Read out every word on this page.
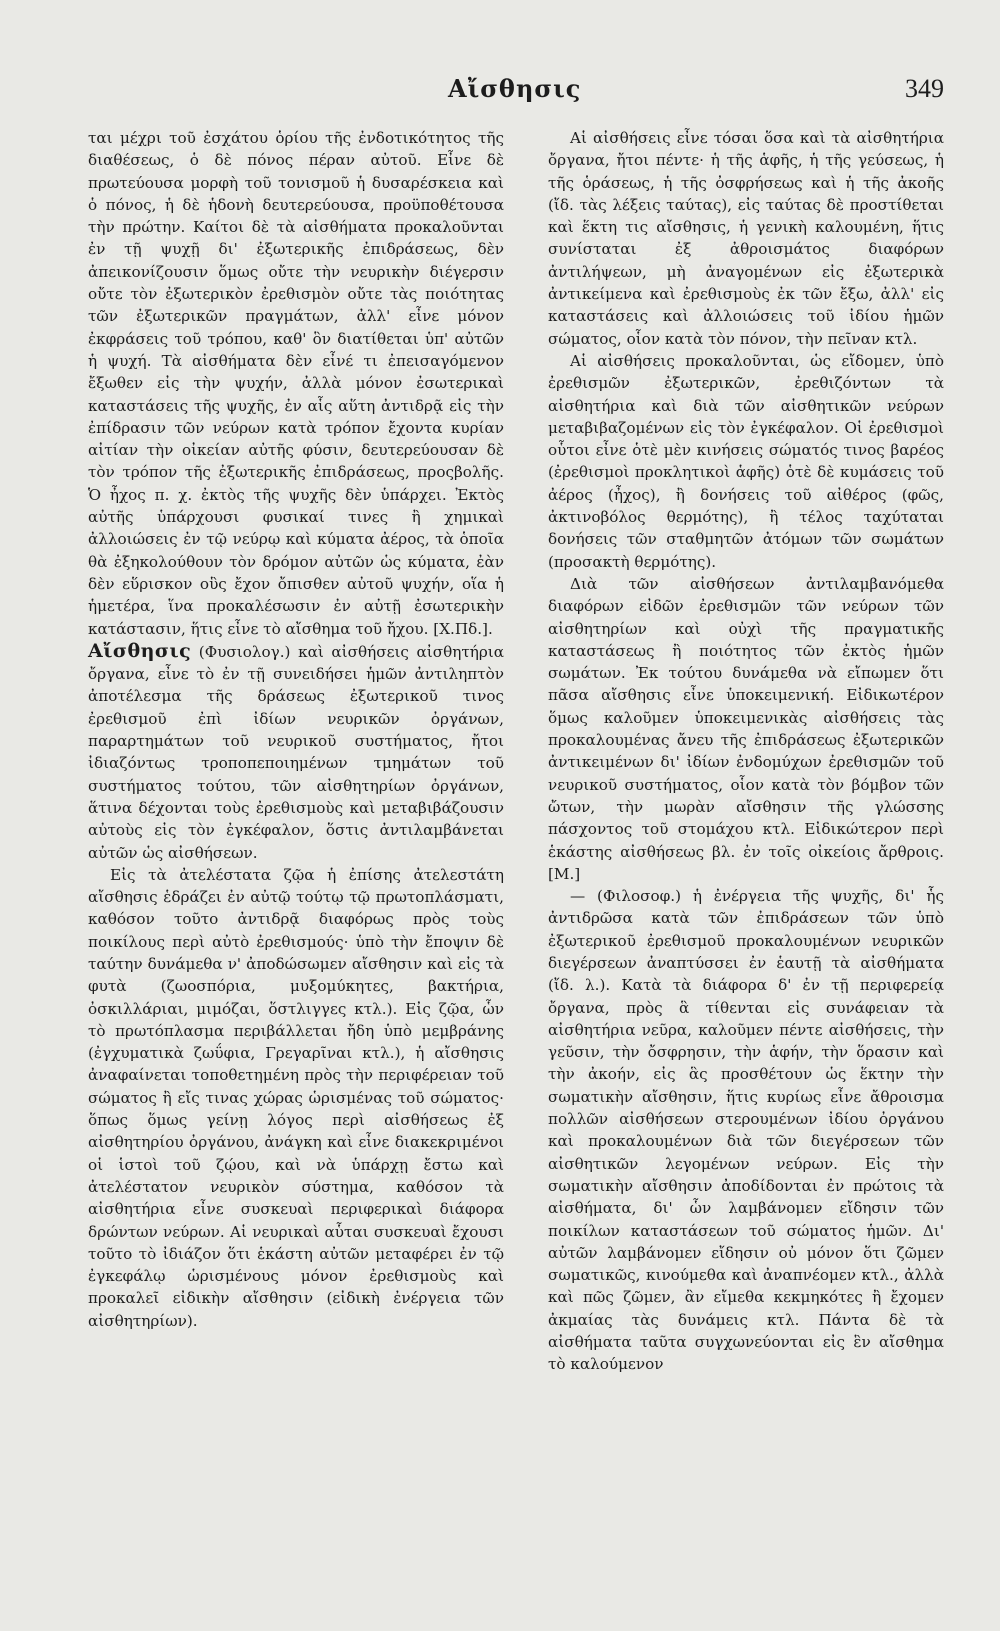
Αἴσθησις	349

ται μέχρι τοῦ ἐσχάτου ὁρίου τῆς ἐνδοτικότητος τῆς διαθέσεως, ὁ δὲ πόνος πέραν αὐτοῦ. Εἶνε δὲ πρωτεύουσα μορφὴ τοῦ τονισμοῦ ἡ δυσαρέσκεια καὶ ὁ πόνος, ἡ δὲ ἡδονὴ δευτερεύουσα, προϋποθέτουσα τὴν πρώτην. Καίτοι δὲ τὰ αἰσθήματα προκαλοῦνται ἐν τῇ ψυχῇ δι' ἐξωτερικῆς ἐπιδράσεως, δὲν ἀπεικονίζουσιν ὅμως οὔτε τὴν νευρικὴν διέγερσιν οὔτε τὸν ἐξωτερικὸν ἐρεθισμὸν οὔτε τὰς ποιότητας τῶν ἐξωτερικῶν πραγμάτων, ἀλλ' εἶνε μόνον ἐκφράσεις τοῦ τρόπου, καθ' ὃν διατίθεται ὑπ' αὐτῶν ἡ ψυχή. Τὰ αἰσθήματα δὲν εἶνέ τι ἐπεισαγόμενον ἔξωθεν εἰς τὴν ψυχήν, ἀλλὰ μόνον ἐσωτερικαὶ καταστάσεις τῆς ψυχῆς, ἐν αἷς αὕτη ἀντιδρᾷ εἰς τὴν ἐπίδρασιν τῶν νεύρων κατὰ τρόπον ἔχοντα κυρίαν αἰτίαν τὴν οἰκείαν αὐτῆς φύσιν, δευτερεύουσαν δὲ τὸν τρόπον τῆς ἐξωτερικῆς ἐπιδράσεως, προςβολῆς. Ὁ ἦχος π. χ. ἐκτὸς τῆς ψυχῆς δὲν ὑπάρχει. Ἐκτὸς αὐτῆς ὑπάρχουσι φυσικαί τινες ἢ χημικαὶ ἀλλοιώσεις ἐν τῷ νεύρῳ καὶ κύματα ἀέρος, τὰ ὁποῖα θὰ ἐξηκολούθουν τὸν δρόμον αὐτῶν ὡς κύματα, ἐὰν δὲν εὕρισκον οὓς ἔχον ὄπισθεν αὐτοῦ ψυχήν, οἵα ἡ ἡμετέρα, ἵνα προκαλέσωσιν ἐν αὐτῇ ἐσωτερικὴν κατάστασιν, ἥτις εἶνε τὸ αἴσθημα τοῦ ἤχου. [Χ.Πδ.].

Αἴσθησις (Φυσιολογ.) καὶ αἰσθήσεις αἰσθητήρια ὄργανα, εἶνε τὸ ἐν τῇ συνειδήσει ἡμῶν ἀντιληπτὸν ἀποτέλεσμα τῆς δράσεως ἐξωτερικοῦ τινος ἐρεθισμοῦ ἐπὶ ἰδίων νευρικῶν ὀργάνων, παραρτημάτων τοῦ νευρικοῦ συστήματος, ἤτοι ἰδιαζόντως τροποπεποιημένων τμημάτων τοῦ συστήματος τούτου, τῶν αἰσθητηρίων ὀργάνων, ἅτινα δέχονται τοὺς ἐρεθισμοὺς καὶ μεταβιβάζουσιν αὐτοὺς εἰς τὸν ἐγκέφαλον, ὅστις ἀντιλαμβάνεται αὐτῶν ὡς αἰσθήσεων.

Εἰς τὰ ἀτελέστατα ζῷα ἡ ἐπίσης ἀτελεστάτη αἴσθησις ἑδράζει ἐν αὐτῷ τούτῳ τῷ πρωτοπλάσματι, καθόσον τοῦτο ἀντιδρᾷ διαφόρως πρὸς τοὺς ποικίλους περὶ αὐτὸ ἐρεθισμούς· ὑπὸ τὴν ἔποψιν δὲ ταύτην δυνάμεθα ν' ἀποδώσωμεν αἴσθησιν καὶ εἰς τὰ φυτὰ (ζωοσπόρια, μυξομύκητες, βακτήρια, ὀσκιλλάριαι, μιμόζαι, ὅστλιγγες κτλ.). Εἰς ζῷα, ὧν τὸ πρωτόπλασμα περιβάλλεται ἤδη ὑπὸ μεμβράνης (ἐγχυματικὰ ζωΰφια, Γρεγαρῖναι κτλ.), ἡ αἴσθησις ἀναφαίνεται τοποθετημένη πρὸς τὴν περιφέρειαν τοῦ σώματος ἢ εἴς τινας χώρας ὡρισμένας τοῦ σώματος· ὅπως ὅμως γείνῃ λόγος περὶ αἰσθήσεως ἐξ αἰσθητηρίου ὀργάνου, ἀνάγκη καὶ εἶνε διακεκριμένοι οἱ ἱστοὶ τοῦ ζῴου, καὶ νὰ ὑπάρχῃ ἔστω καὶ ἀτελέστατον νευρικὸν σύστημα, καθόσον τὰ αἰσθητήρια εἶνε συσκευαὶ περιφερικαὶ διάφορα δρώντων νεύρων. Αἱ νευρικαὶ αὗται συσκευαὶ ἔχουσι τοῦτο τὸ ἰδιάζον ὅτι ἑκάστη αὐτῶν μεταφέρει ἐν τῷ ἐγκεφάλῳ ὡρισμένους μόνον ἐρεθισμοὺς καὶ προκαλεῖ εἰδικὴν αἴσθησιν (εἰδικὴ ἐνέργεια τῶν αἰσθητηρίων).

Αἱ αἰσθήσεις εἶνε τόσαι ὅσα καὶ τὰ αἰσθητήρια ὄργανα, ἤτοι πέντε· ἡ τῆς ἁφῆς, ἡ τῆς γεύσεως, ἡ τῆς ὁράσεως, ἡ τῆς ὀσφρήσεως καὶ ἡ τῆς ἀκοῆς (ἴδ. τὰς λέξεις ταύτας), εἰς ταύτας δὲ προστίθεται καὶ ἕκτη τις αἴσθησις, ἡ γενικὴ καλουμένη, ἥτις συνίσταται ἐξ ἀθροισμάτος διαφόρων ἀντιλήψεων, μὴ ἀναγομένων εἰς ἐξωτερικὰ ἀντικείμενα καὶ ἐρεθισμοὺς ἐκ τῶν ἔξω, ἀλλ' εἰς καταστάσεις καὶ ἀλλοιώσεις τοῦ ἰδίου ἡμῶν σώματος, οἷον κατὰ τὸν πόνον, τὴν πεῖναν κτλ.

Αἱ αἰσθήσεις προκαλοῦνται, ὡς εἴδομεν, ὑπὸ ἐρεθισμῶν ἐξωτερικῶν, ἐρεθιζόντων τὰ αἰσθητήρια καὶ διὰ τῶν αἰσθητικῶν νεύρων μεταβιβαζομένων εἰς τὸν ἐγκέφαλον. Οἱ ἐρεθισμοὶ οὗτοι εἶνε ὁτὲ μὲν κινήσεις σώματός τινος βαρέος (ἐρεθισμοὶ προκλητικοὶ ἁφῆς) ὁτὲ δὲ κυμάσεις τοῦ ἀέρος (ἦχος), ἢ δονήσεις τοῦ αἰθέρος (φῶς, ἀκτινοβόλος θερμότης), ἢ τέλος ταχύταται δονήσεις τῶν σταθμητῶν ἀτόμων τῶν σωμάτων (προσακτὴ θερμότης).

Διὰ τῶν αἰσθήσεων ἀντιλαμβανόμεθα διαφόρων εἰδῶν ἐρεθισμῶν τῶν νεύρων τῶν αἰσθητηρίων καὶ οὐχὶ τῆς πραγματικῆς καταστάσεως ἢ ποιότητος τῶν ἐκτὸς ἡμῶν σωμάτων. Ἐκ τούτου δυνάμεθα νὰ εἴπωμεν ὅτι πᾶσα αἴσθησις εἶνε ὑποκειμενική. Εἰδικωτέρον ὅμως καλοῦμεν ὑποκειμενικὰς αἰσθήσεις τὰς προκαλουμένας ἄνευ τῆς ἐπιδράσεως ἐξωτερικῶν ἀντικειμένων δι' ἰδίων ἐνδομύχων ἐρεθισμῶν τοῦ νευρικοῦ συστήματος, οἷον κατὰ τὸν βόμβον τῶν ὤτων, τὴν μωρὰν αἴσθησιν τῆς γλώσσης πάσχοντος τοῦ στομάχου κτλ. Εἰδικώτερον περὶ ἑκάστης αἰσθήσεως βλ. ἐν τοῖς οἰκείοις ἄρθροις. [Μ.]

— (Φιλοσοφ.) ἡ ἐνέργεια τῆς ψυχῆς, δι' ἧς ἀντιδρῶσα κατὰ τῶν ἐπιδράσεων τῶν ὑπὸ ἐξωτερικοῦ ἐρεθισμοῦ προκαλουμένων νευρικῶν διεγέρσεων ἀναπτύσσει ἐν ἑαυτῇ τὰ αἰσθήματα (ἴδ. λ.). Κατὰ τὰ διάφορα δ' ἐν τῇ περιφερείᾳ ὄργανα, πρὸς ἃ τίθενται εἰς συνάφειαν τὰ αἰσθητήρια νεῦρα, καλοῦμεν πέντε αἰσθήσεις, τὴν γεῦσιν, τὴν ὄσφρησιν, τὴν ἁφήν, τὴν ὅρασιν καὶ τὴν ἀκοήν, εἰς ἃς προσθέτουν ὡς ἕκτην τὴν σωματικὴν αἴσθησιν, ἥτις κυρίως εἶνε ἄθροισμα πολλῶν αἰσθήσεων στερουμένων ἰδίου ὀργάνου καὶ προκαλουμένων διὰ τῶν διεγέρσεων τῶν αἰσθητικῶν λεγομένων νεύρων. Εἰς τὴν σωματικὴν αἴσθησιν ἀποδίδονται ἐν πρώτοις τὰ αἰσθήματα, δι' ὧν λαμβάνομεν εἴδησιν τῶν ποικίλων καταστάσεων τοῦ σώματος ἡμῶν. Δι' αὐτῶν λαμβάνομεν εἴδησιν οὐ μόνον ὅτι ζῶμεν σωματικῶς, κινούμεθα καὶ ἀναπνέομεν κτλ., ἀλλὰ καὶ πῶς ζῶμεν, ἂν εἴμεθα κεκμηκότες ἢ ἔχομεν ἀκμαίας τὰς δυνάμεις κτλ. Πάντα δὲ τὰ αἰσθήματα ταῦτα συγχωνεύονται εἰς ἓν αἴσθημα τὸ καλούμενον
